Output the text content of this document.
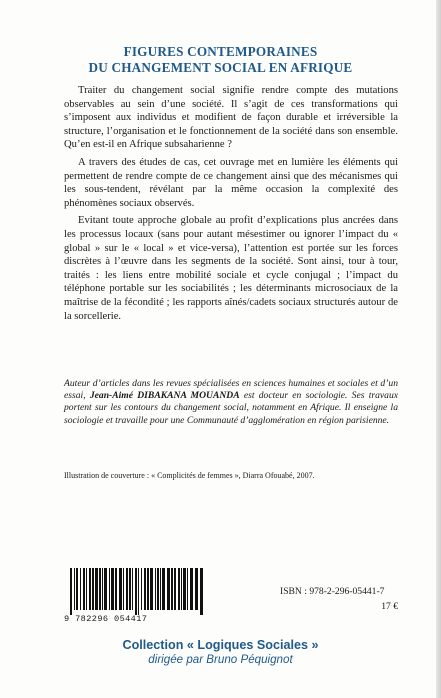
FIGURES CONTEMPORAINES
DU CHANGEMENT SOCIAL EN AFRIQUE

Traiter du changement social signifie rendre compte des mutations observables au sein d’une société. Il s’agit de ces transformations qui s’imposent aux individus et modifient de façon durable et irréversible la structure, l’organisation et le fonctionnement de la société dans son ensemble. Qu’en est-il en Afrique subsaharienne ?

A travers des études de cas, cet ouvrage met en lumière les éléments qui permettent de rendre compte de ce changement ainsi que des mécanismes qui les sous-tendent, révélant par la même occasion la complexité des phénomènes sociaux observés.

Evitant toute approche globale au profit d’explications plus ancrées dans les processus locaux (sans pour autant mésestimer ou ignorer l’impact du « global » sur le « local » et vice-versa), l’attention est portée sur les forces discrètes à l’œuvre dans les segments de la société. Sont ainsi, tour à tour, traités : les liens entre mobilité sociale et cycle conjugal ; l’impact du téléphone portable sur les sociabilités ; les déterminants microsociaux de la maîtrise de la fécondité ; les rapports aînés/cadets sociaux structurés autour de la sorcellerie.

Auteur d’articles dans les revues spécialisées en sciences humaines et sociales et d’un essai, Jean-Aimé DIBAKANA MOUANDA est docteur en sociologie. Ses travaux portent sur les contours du changement social, notamment en Afrique. Il enseigne la sociologie et travaille pour une Communauté d’agglomération en région parisienne.
Illustration de couverture : « Complicités de femmes », Diarra Ofouabé, 2007.
9 782296 054417
ISBN : 978-2-296-05441-7
17 €
Collection « Logiques Sociales »
dirigée par Bruno Péquignot
